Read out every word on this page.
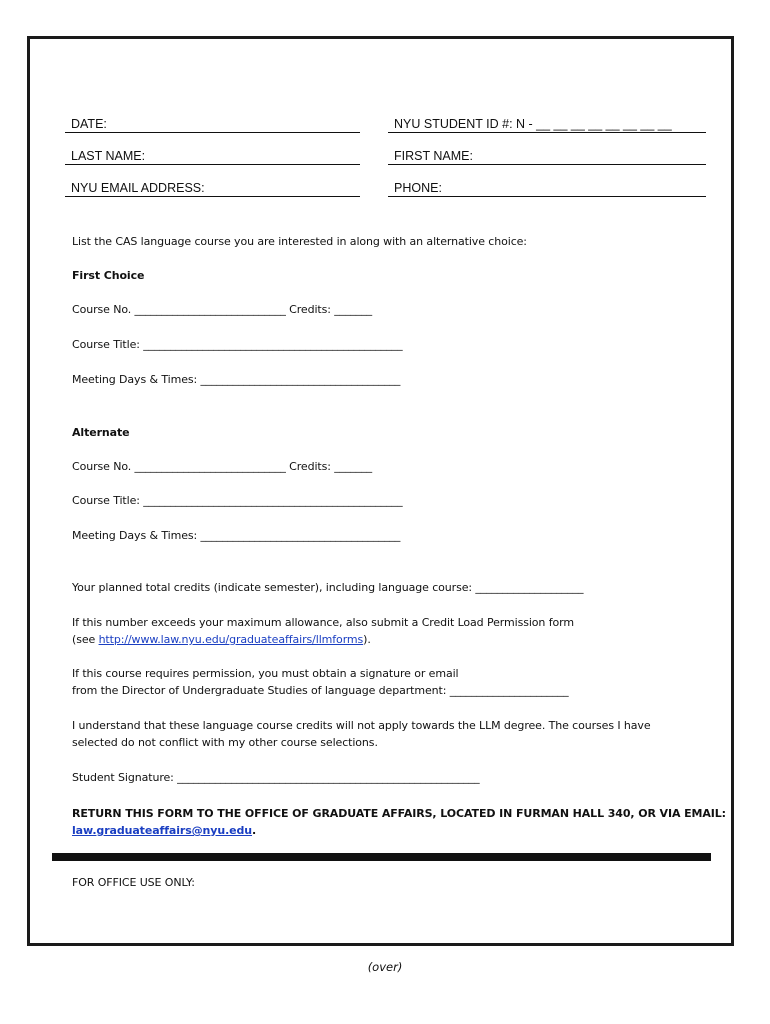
DATE:	NYU STUDENT ID #: N - __ __ __ __ __ __ __ __
LAST NAME:	FIRST NAME:
NYU EMAIL ADDRESS:	PHONE:
List the CAS language course you are interested in along with an alternative choice:
First Choice
Course No. ____________________________ Credits: _______
Course Title: ________________________________________________
Meeting Days & Times: _____________________________________
Alternate
Course No. ____________________________ Credits: _______
Course Title: ________________________________________________
Meeting Days & Times: _____________________________________
Your planned total credits (indicate semester), including language course: ____________________
If this number exceeds your maximum allowance, also submit a Credit Load Permission form
(see http://www.law.nyu.edu/graduateaffairs/llmforms).
If this course requires permission, you must obtain a signature or email
from the Director of Undergraduate Studies of language department: ______________________
I understand that these language course credits will not apply towards the LLM degree. The courses I have
selected do not conflict with my other course selections.
Student Signature: ________________________________________________________
RETURN THIS FORM TO THE OFFICE OF GRADUATE AFFAIRS, LOCATED IN FURMAN HALL 340, OR VIA EMAIL:
law.graduateaffairs@nyu.edu.
FOR OFFICE USE ONLY:
(over)
